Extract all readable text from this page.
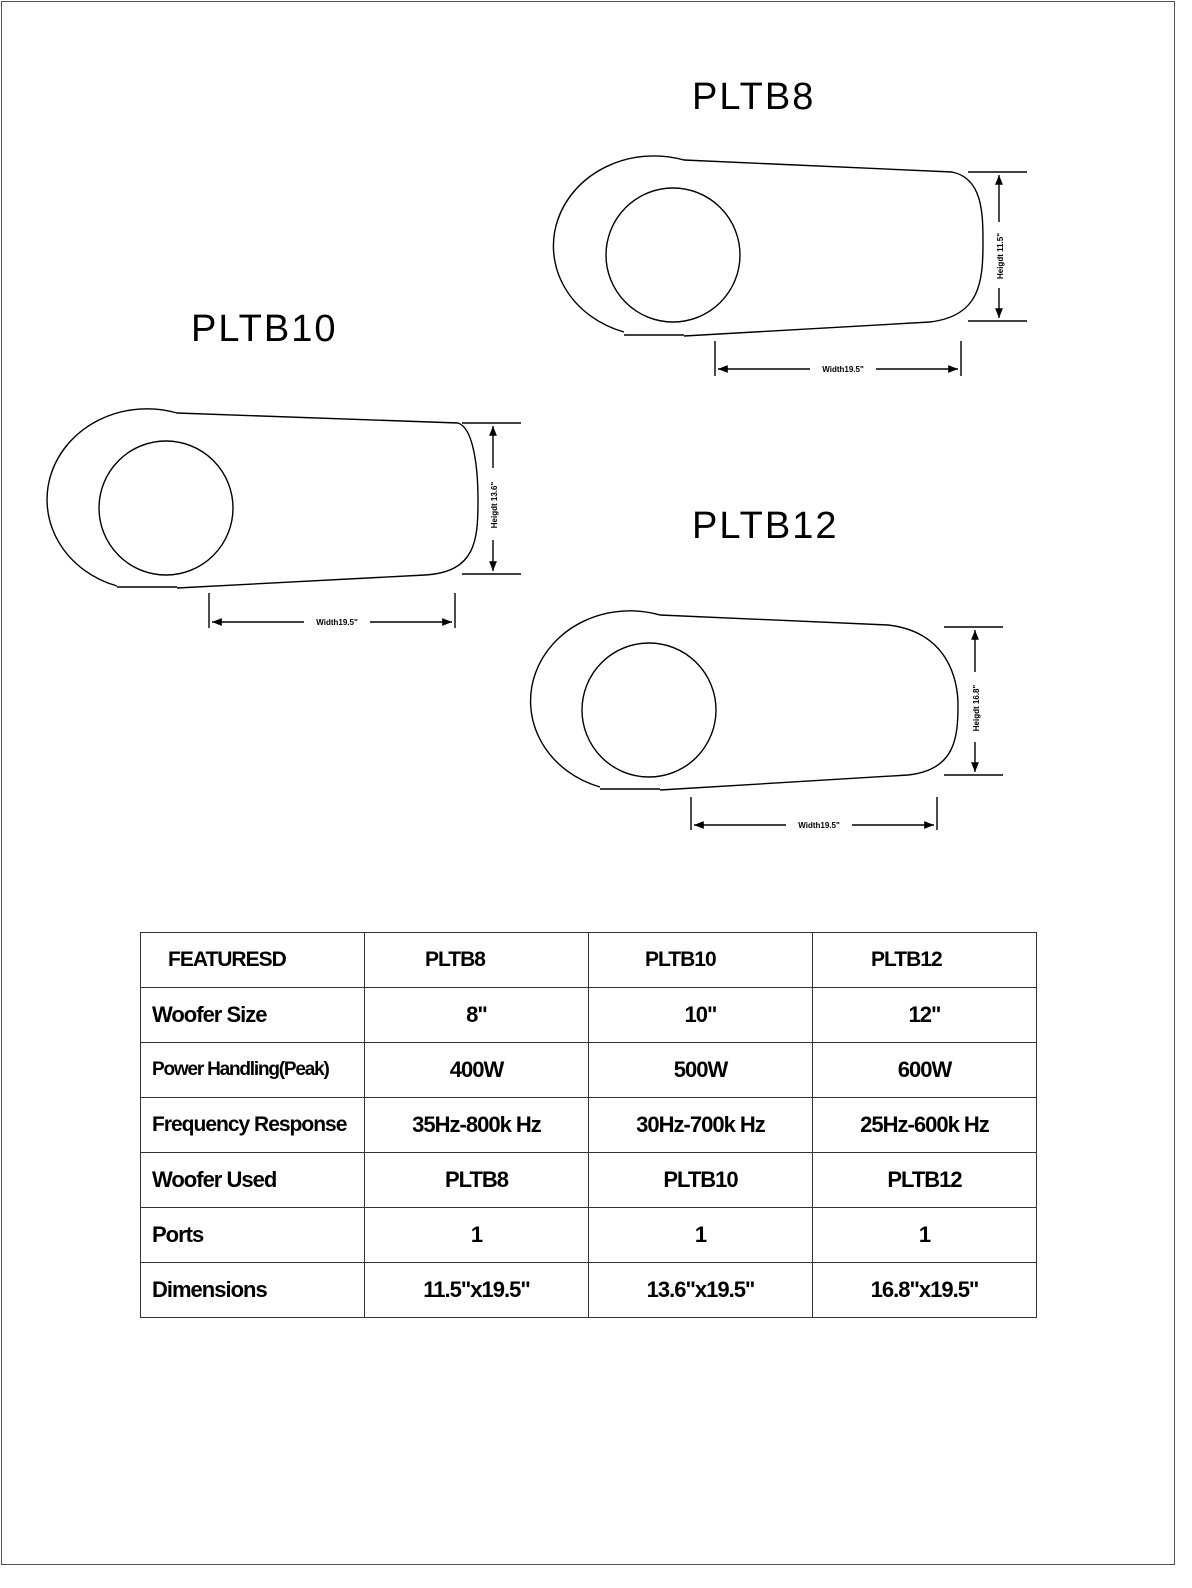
PLTB8
PLTB10
PLTB12
Heigdt 11.5"
Width19.5"
Heigdt 13.6"
Width19.5"
Heigdt 16.8"
Width19.5"
FEATURESD	PLTB8	PLTB10	PLTB12
Woofer Size	8"	10"	12"
Power Handling(Peak)	400W	500W	600W
Frequency Response	35Hz-800k Hz	30Hz-700k Hz	25Hz-600k Hz
Woofer Used	PLTB8	PLTB10	PLTB12
Ports	1	1	1
Dimensions	11.5"x19.5"	13.6"x19.5"	16.8"x19.5"
